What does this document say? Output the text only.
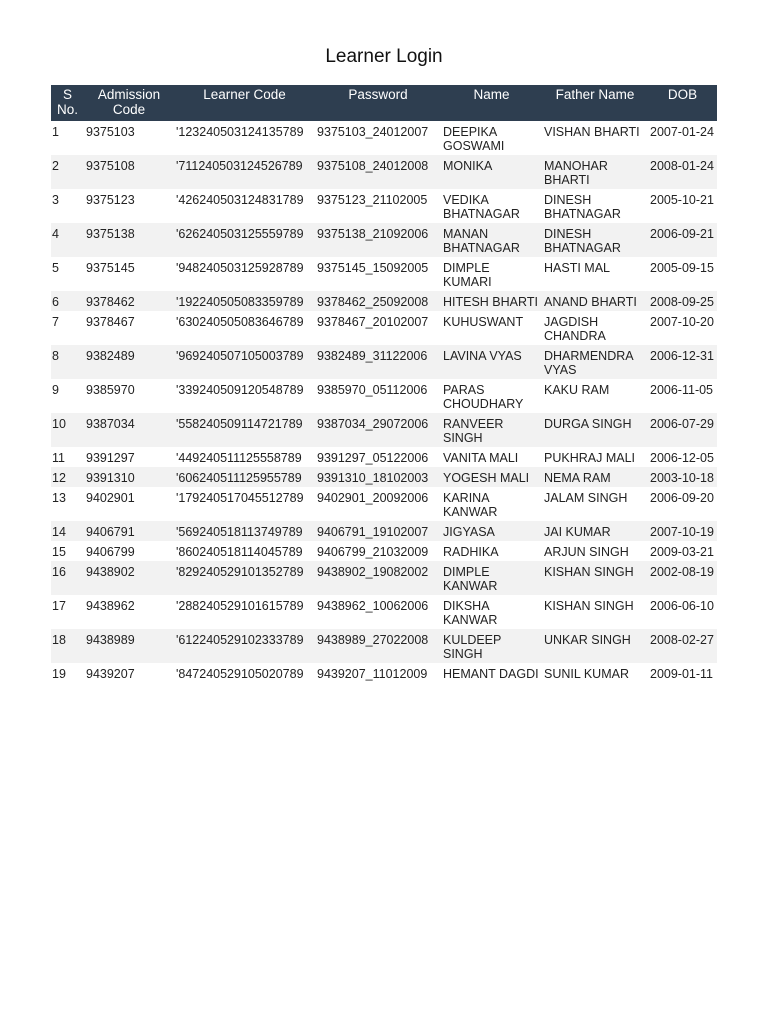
Learner Login
S No.	Admission Code	Learner Code	Password	Name	Father Name	DOB
1	9375103	'123240503124135789	9375103_24012007	DEEPIKA GOSWAMI	VISHAN BHARTI	2007-01-24
2	9375108	'711240503124526789	9375108_24012008	MONIKA	MANOHAR BHARTI	2008-01-24
3	9375123	'426240503124831789	9375123_21102005	VEDIKA BHATNAGAR	DINESH BHATNAGAR	2005-10-21
4	9375138	'626240503125559789	9375138_21092006	MANAN BHATNAGAR	DINESH BHATNAGAR	2006-09-21
5	9375145	'948240503125928789	9375145_15092005	DIMPLE KUMARI	HASTI MAL	2005-09-15
6	9378462	'192240505083359789	9378462_25092008	HITESH BHARTI	ANAND BHARTI	2008-09-25
7	9378467	'630240505083646789	9378467_20102007	KUHUSWANT	JAGDISH CHANDRA	2007-10-20
8	9382489	'969240507105003789	9382489_31122006	LAVINA VYAS	DHARMENDRA VYAS	2006-12-31
9	9385970	'339240509120548789	9385970_05112006	PARAS CHOUDHARY	KAKU RAM	2006-11-05
10	9387034	'558240509114721789	9387034_29072006	RANVEER SINGH	DURGA SINGH	2006-07-29
11	9391297	'449240511125558789	9391297_05122006	VANITA MALI	PUKHRAJ MALI	2006-12-05
12	9391310	'606240511125955789	9391310_18102003	YOGESH MALI	NEMA RAM	2003-10-18
13	9402901	'179240517045512789	9402901_20092006	KARINA KANWAR	JALAM SINGH	2006-09-20
14	9406791	'569240518113749789	9406791_19102007	JIGYASA	JAI KUMAR	2007-10-19
15	9406799	'860240518114045789	9406799_21032009	RADHIKA	ARJUN SINGH	2009-03-21
16	9438902	'829240529101352789	9438902_19082002	DIMPLE KANWAR	KISHAN SINGH	2002-08-19
17	9438962	'288240529101615789	9438962_10062006	DIKSHA KANWAR	KISHAN SINGH	2006-06-10
18	9438989	'612240529102333789	9438989_27022008	KULDEEP SINGH	UNKAR SINGH	2008-02-27
19	9439207	'847240529105020789	9439207_11012009	HEMANT DAGDI	SUNIL KUMAR	2009-01-11
